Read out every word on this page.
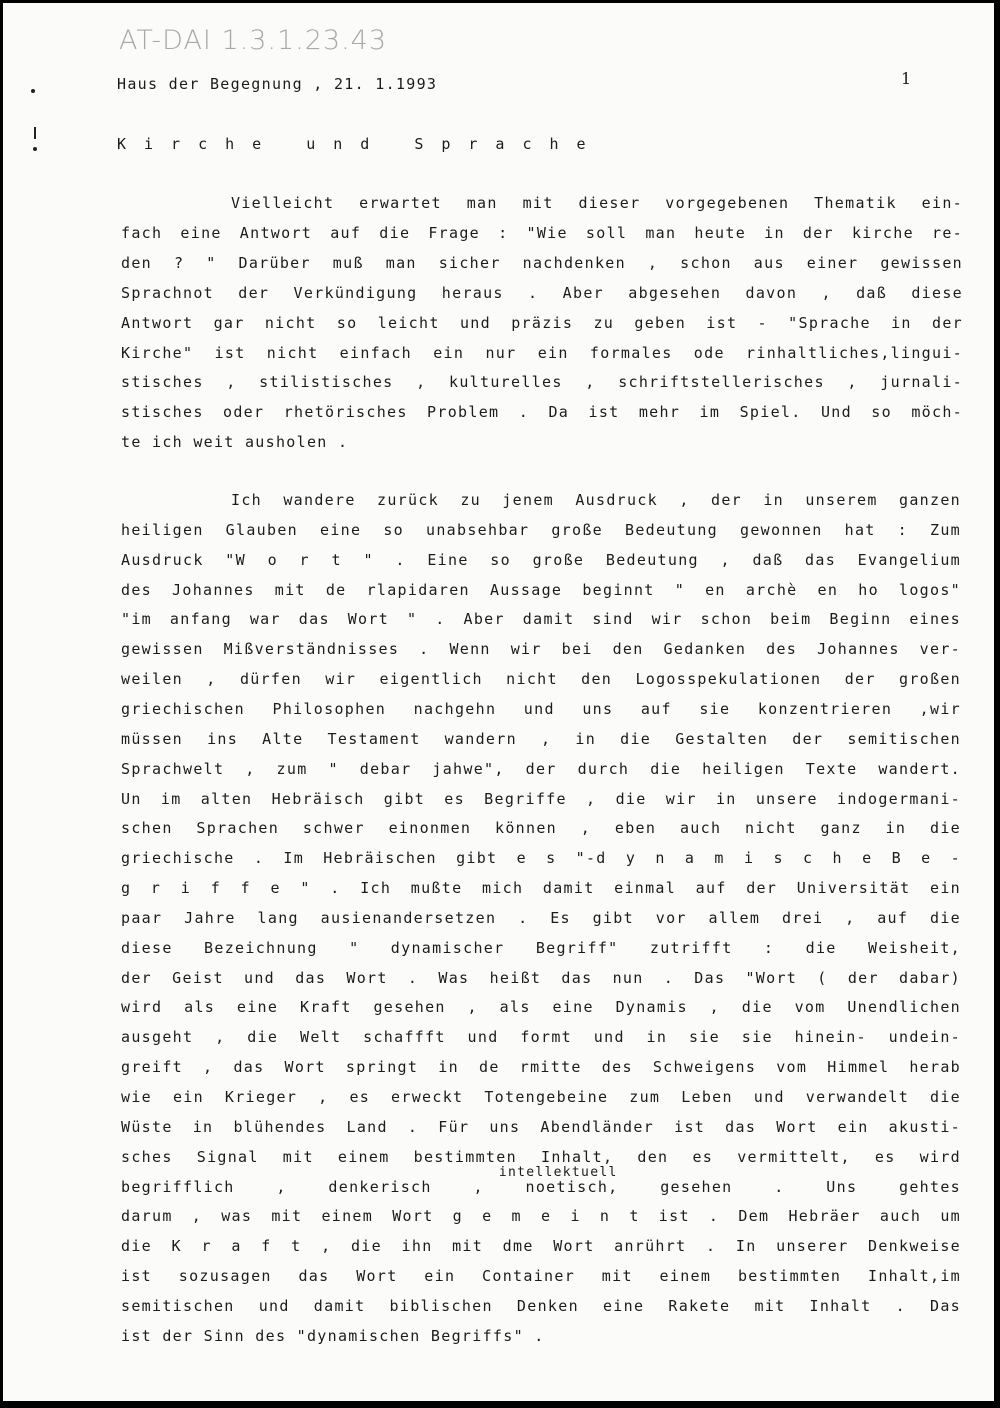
AT-DAI 1.3.1.23.43
Haus der Begegnung , 21. 1.1993	1
Kirche und Sprache
Vielleicht erwartet man mit dieser vorgegebenen Thematik ein-
fach eine Antwort auf die Frage : "Wie soll man heute in der kirche re-
den ? " Darüber muß man sicher nachdenken , schon aus einer gewissen
Sprachnot der Verkündigung heraus . Aber abgesehen davon , daß diese
Antwort gar nicht so leicht und präzis zu geben ist - "Sprache in der
Kirche" ist nicht einfach ein nur ein formales ode rinhaltliches,lingui-
stisches , stilistisches , kulturelles , schriftstellerisches , jurnali-
stisches oder rhetörisches Problem . Da ist mehr im Spiel. Und so möch-
te ich weit ausholen .
Ich wandere zurück zu jenem Ausdruck , der in unserem ganzen
heiligen Glauben eine so unabsehbar große Bedeutung gewonnen hat : Zum
Ausdruck "W o r t " . Eine so große Bedeutung , daß das Evangelium
des Johannes mit de rlapidaren Aussage beginnt " en archè en ho logos"
"im anfang war das Wort " . Aber damit sind wir schon beim Beginn eines
gewissen Mißverständnisses . Wenn wir bei den Gedanken des Johannes ver-
weilen , dürfen wir eigentlich nicht den Logosspekulationen der großen
griechischen Philosophen nachgehn und uns auf sie konzentrieren ,wir
müssen ins Alte Testament wandern , in die Gestalten der semitischen
Sprachwelt , zum " debar jahwe", der durch die heiligen Texte wandert.
Un im alten Hebräisch gibt es Begriffe , die wir in unsere indogermani-
schen Sprachen schwer einonmen können , eben auch nicht ganz in die
griechische . Im Hebräischen gibt e s "-d y n a m i s c h e B e -
g r i f f e " . Ich mußte mich damit einmal auf der Universität ein
paar Jahre lang ausienandersetzen . Es gibt vor allem drei , auf die
diese Bezeichnung " dynamischer Begriff" zutrifft : die Weisheit,
der Geist und das Wort . Was heißt das nun . Das "Wort ( der dabar)
wird als eine Kraft gesehen , als eine Dynamis , die vom Unendlichen
ausgeht , die Welt schaffft und formt und in sie sie hinein- undein-
greift , das Wort springt in de rmitte des Schweigens vom Himmel herab
wie ein Krieger , es erweckt Totengebeine zum Leben und verwandelt die
Wüste in blühendes Land . Für uns Abendländer ist das Wort ein akusti-
sches Signal mit einem bestimmten Inhalt, den es vermittelt, es wird
begrifflich , denkerisch , noetisch, gesehen . Uns gehtes
intellektuell
darum , was mit einem Wort g e m e i n t ist . Dem Hebräer auch um
die K r a f t , die ihn mit dme Wort anrührt . In unserer Denkweise
ist sozusagen das Wort ein Container mit einem bestimmten Inhalt,im
semitischen und damit biblischen Denken eine Rakete mit Inhalt . Das
ist der Sinn des "dynamischen Begriffs" .
